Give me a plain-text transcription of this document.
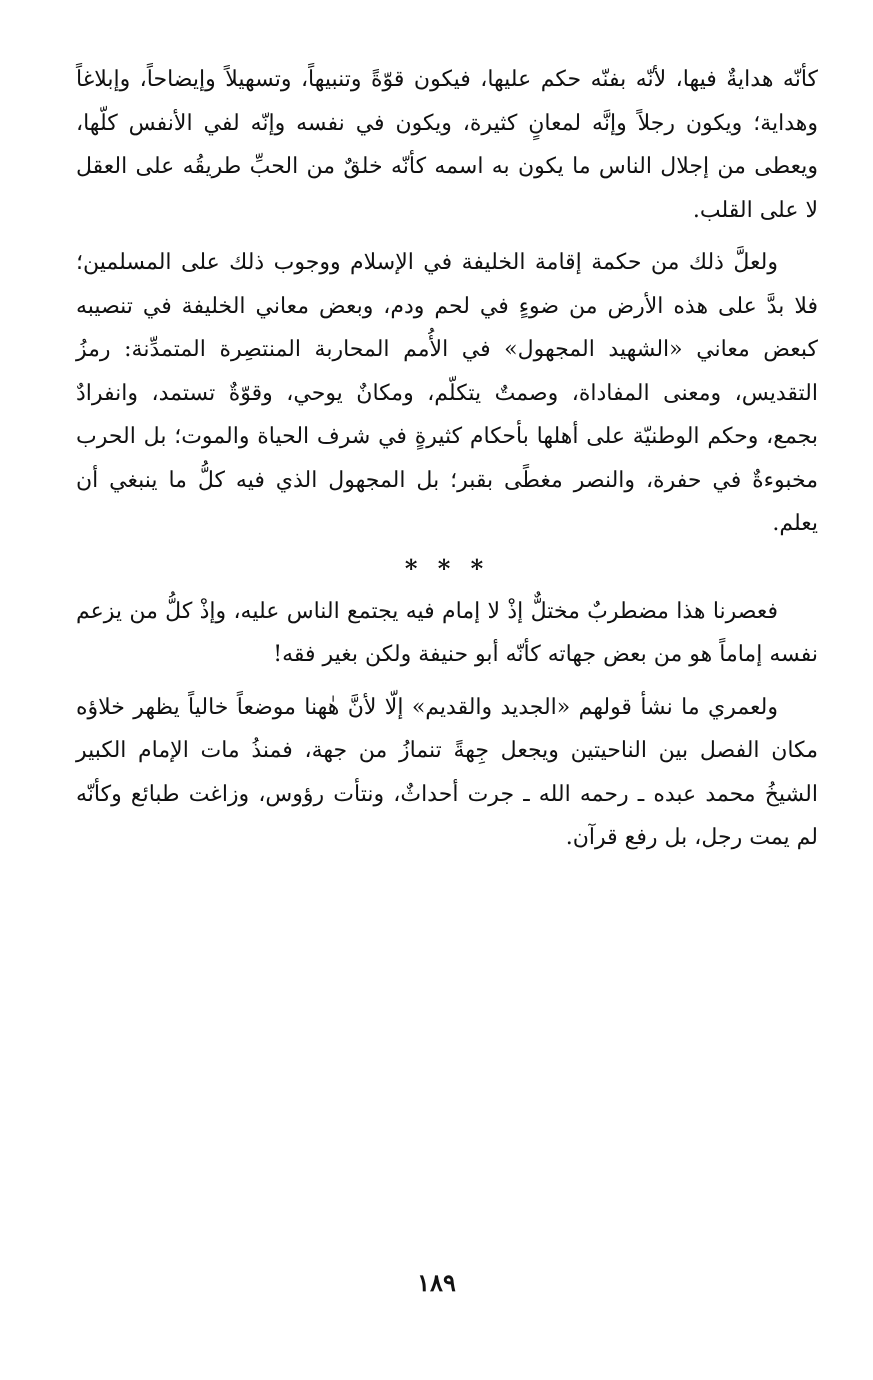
كأنّه هدايةٌ فيها، لأنّه بفنّه حكم عليها، فيكون قوّةً وتنبيهاً، وتسهيلاً وإيضاحاً، وإبلاغاً وهداية؛ ويكون رجلاً وإنَّه لمعانٍ كثيرة، ويكون في نفسه وإنّه لفي الأنفس كلّها، ويعطى من إجلال الناس ما يكون به اسمه كأنّه خلقٌ من الحبِّ طريقُه على العقل لا على القلب.

ولعلَّ ذلك من حكمة إقامة الخليفة في الإسلام ووجوب ذلك على المسلمين؛ فلا بدَّ على هذه الأرض من ضوءٍ في لحم ودم، وبعض معاني الخليفة في تنصيبه كبعض معاني «الشهيد المجهول» في الأُمم المحاربة المنتصِرة المتمدِّنة: رمزُ التقديس، ومعنى المفاداة، وصمتٌ يتكلّم، ومكانٌ يوحي، وقوّةٌ تستمد، وانفرادٌ بجمع، وحكم الوطنيّة على أهلها بأحكام كثيرةٍ في شرف الحياة والموت؛ بل الحرب مخبوءةٌ في حفرة، والنصر مغطًى بقبر؛ بل المجهول الذي فيه كلُّ ما ينبغي أن يعلم.

* * *

فعصرنا هذا مضطربٌ مختلٌّ إذْ لا إمام فيه يجتمع الناس عليه، وإذْ كلُّ من يزعم نفسه إماماً هو من بعض جهاته كأنّه أبو حنيفة ولكن بغير فقه!

ولعمري ما نشأ قولهم «الجديد والقديم» إلّا لأنَّ هٰهنا موضعاً خالياً يظهر خلاؤه مكان الفصل بين الناحيتين ويجعل جِهةً تنمازُ من جهة، فمنذُ مات الإمام الكبير الشيخُ محمد عبده ـ رحمه الله ـ جرت أحداثٌ، ونتأت رؤوس، وزاغت طبائع وكأنّه لم يمت رجل، بل رفع قرآن.

١٨٩
